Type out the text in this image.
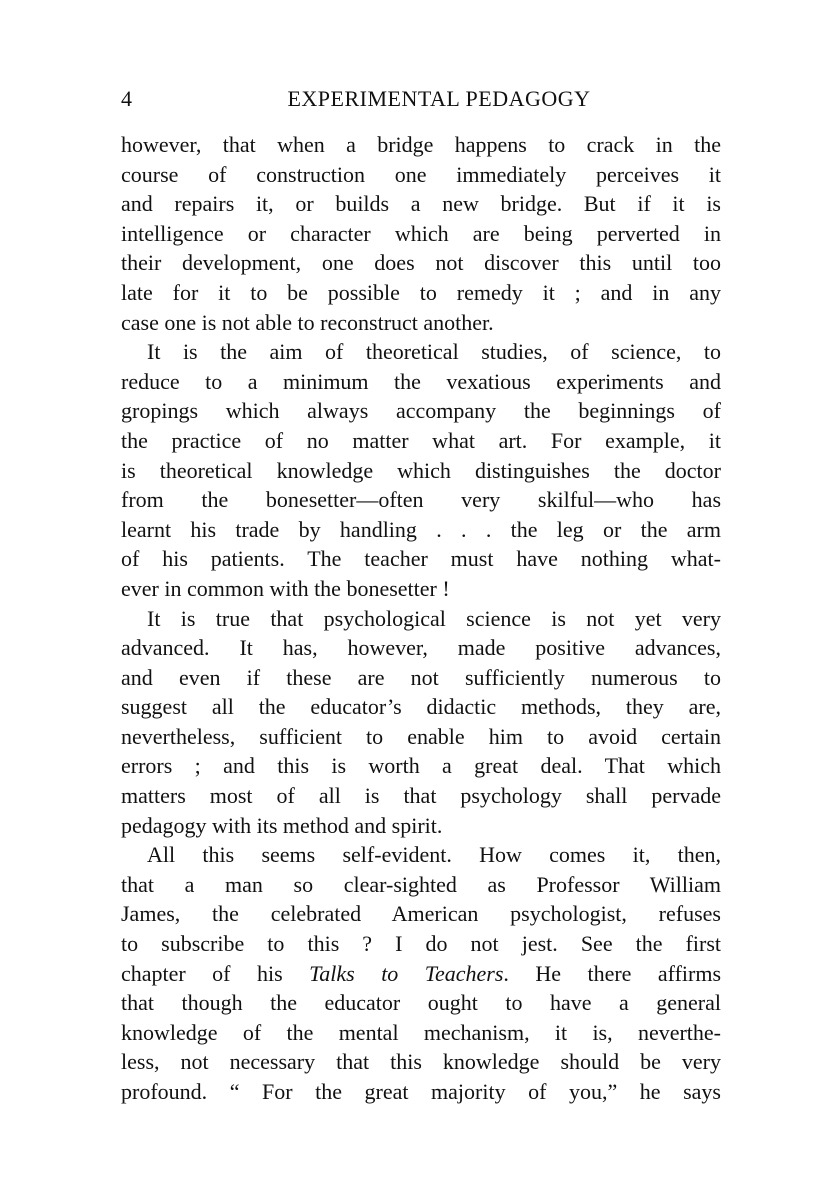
4	EXPERIMENTAL PEDAGOGY
however, that when a bridge happens to crack in the
course of construction one immediately perceives it
and repairs it, or builds a new bridge. But if it is
intelligence or character which are being perverted in
their development, one does not discover this until too
late for it to be possible to remedy it ; and in any
case one is not able to reconstruct another.
It is the aim of theoretical studies, of science, to
reduce to a minimum the vexatious experiments and
gropings which always accompany the beginnings of
the practice of no matter what art. For example, it
is theoretical knowledge which distinguishes the doctor
from the bonesetter—often very skilful—who has
learnt his trade by handling . . . the leg or the arm
of his patients. The teacher must have nothing what-
ever in common with the bonesetter !
It is true that psychological science is not yet very
advanced. It has, however, made positive advances,
and even if these are not sufficiently numerous to
suggest all the educator’s didactic methods, they are,
nevertheless, sufficient to enable him to avoid certain
errors ; and this is worth a great deal. That which
matters most of all is that psychology shall pervade
pedagogy with its method and spirit.
All this seems self-evident. How comes it, then,
that a man so clear-sighted as Professor William
James, the celebrated American psychologist, refuses
to subscribe to this ? I do not jest. See the first
chapter of his Talks to Teachers. He there affirms
that though the educator ought to have a general
knowledge of the mental mechanism, it is, neverthe-
less, not necessary that this knowledge should be very
profound. “ For the great majority of you,” he says
